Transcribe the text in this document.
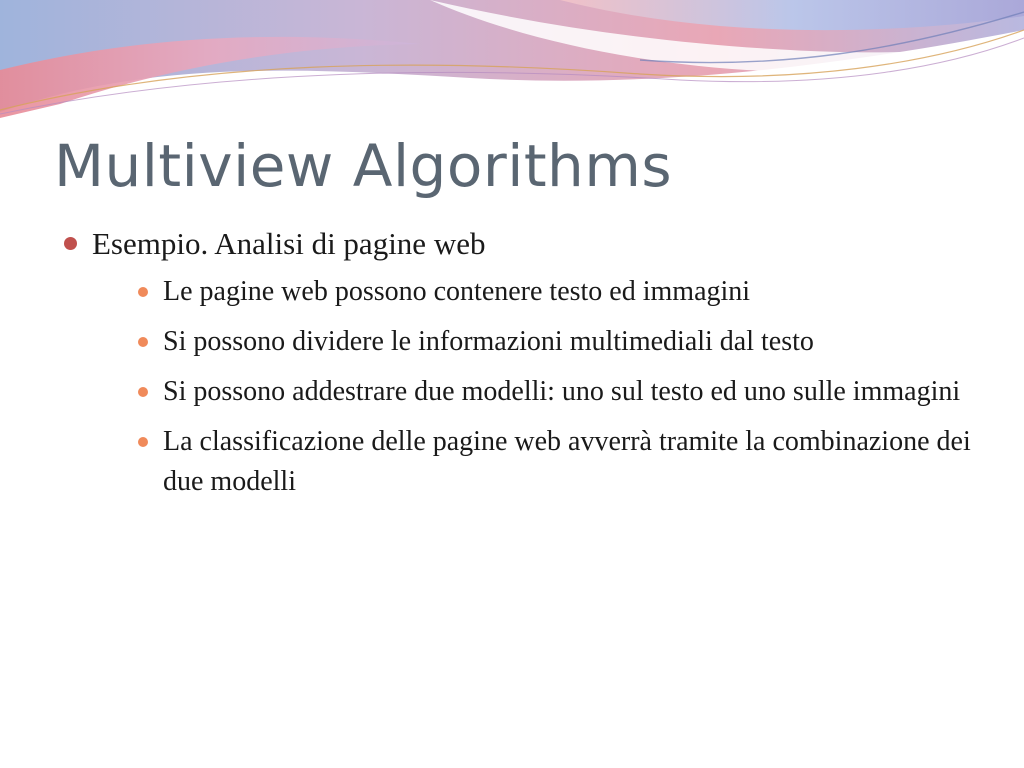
Multiview Algorithms
Esempio. Analisi di pagine web
Le pagine web possono contenere testo ed immagini
Si possono dividere le informazioni multimediali dal testo
Si possono addestrare due modelli: uno sul testo ed uno sulle immagini
La classificazione delle pagine web avverrà tramite la combinazione dei due modelli
